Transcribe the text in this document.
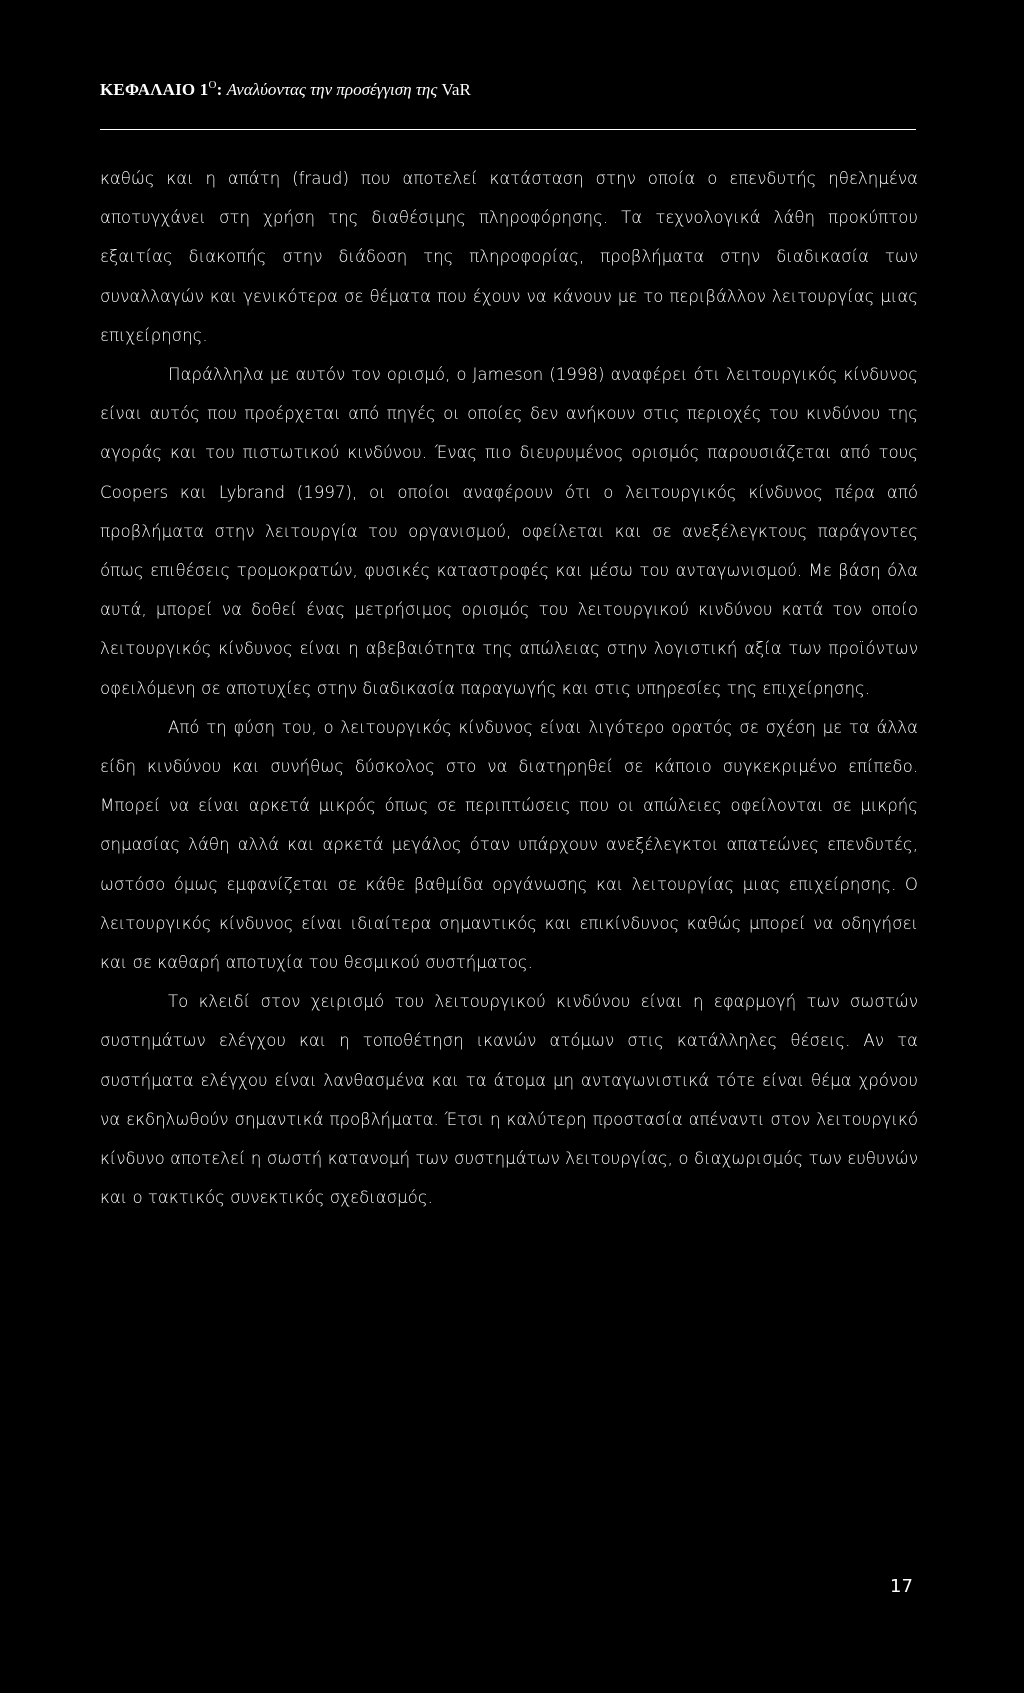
ΚΕΦΑΛΑΙΟ $1^O$: Αναλύοντας την προσέγγιση της VaR

καθώς και η απάτη (fraud) που αποτελεί κατάσταση στην οποία ο επενδυτής ηθεληµένα αποτυγχάνει στη χρήση της διαθέσιµης πληροφόρησης. Τα τεχνολογικά λάθη προκύπτου εξαιτίας διακοπής στην διάδοση της πληροφορίας, προβλήµατα στην διαδικασία των συναλλαγών και γενικότερα σε θέµατα που έχουν να κάνουν µε το περιβάλλον λειτουργίας µιας επιχείρησης.

Παράλληλα µε αυτόν τον ορισµό, ο Jameson (1998) αναφέρει ότι λειτουργικός κίνδυνος είναι αυτός που προέρχεται από πηγές οι οποίες δεν ανήκουν στις περιοχές του κινδύνου της αγοράς και του πιστωτικού κινδύνου. Ένας πιο διευρυµένος ορισµός παρουσιάζεται από τους Coopers και Lybrand (1997), οι οποίοι αναφέρουν ότι ο λειτουργικός κίνδυνος πέρα από προβλήµατα στην λειτουργία του οργανισµού, οφείλεται και σε ανεξέλεγκτους παράγοντες όπως επιθέσεις τροµοκρατών, φυσικές καταστροφές και µέσω του ανταγωνισµού. Με βάση όλα αυτά, µπορεί να δοθεί ένας µετρήσιµος ορισµός του λειτουργικού κινδύνου κατά τον οποίο λειτουργικός κίνδυνος είναι η αβεβαιότητα της απώλειας στην λογιστική αξία των προϊόντων οφειλόµενη σε αποτυχίες στην διαδικασία παραγωγής και στις υπηρεσίες της επιχείρησης.

Από τη φύση του, ο λειτουργικός κίνδυνος είναι λιγότερο ορατός σε σχέση µε τα άλλα είδη κινδύνου και συνήθως δύσκολος στο να διατηρηθεί σε κάποιο συγκεκριµένο επίπεδο. Μπορεί να είναι αρκετά µικρός όπως σε περιπτώσεις που οι απώλειες οφείλονται σε µικρής σηµασίας λάθη αλλά και αρκετά µεγάλος όταν υπάρχουν ανεξέλεγκτοι απατεώνες επενδυτές, ωστόσο όµως εµφανίζεται σε κάθε βαθµίδα οργάνωσης και λειτουργίας µιας επιχείρησης. Ο λειτουργικός κίνδυνος είναι ιδιαίτερα σηµαντικός και επικίνδυνος καθώς µπορεί να οδηγήσει και σε καθαρή αποτυχία του θεσµικού συστήµατος.

Το κλειδί στον χειρισµό του λειτουργικού κινδύνου είναι η εφαρµογή των σωστών συστηµάτων ελέγχου και η τοποθέτηση ικανών ατόµων στις κατάλληλες θέσεις. Αν τα συστήµατα ελέγχου είναι λανθασµένα και τα άτοµα µη ανταγωνιστικά τότε είναι θέµα χρόνου να εκδηλωθούν σηµαντικά προβλήµατα. Έτσι η καλύτερη προστασία απέναντι στον λειτουργικό κίνδυνο αποτελεί η σωστή κατανοµή των συστηµάτων λειτουργίας, ο διαχωρισµός των ευθυνών και ο τακτικός συνεκτικός σχεδιασµός.

17
